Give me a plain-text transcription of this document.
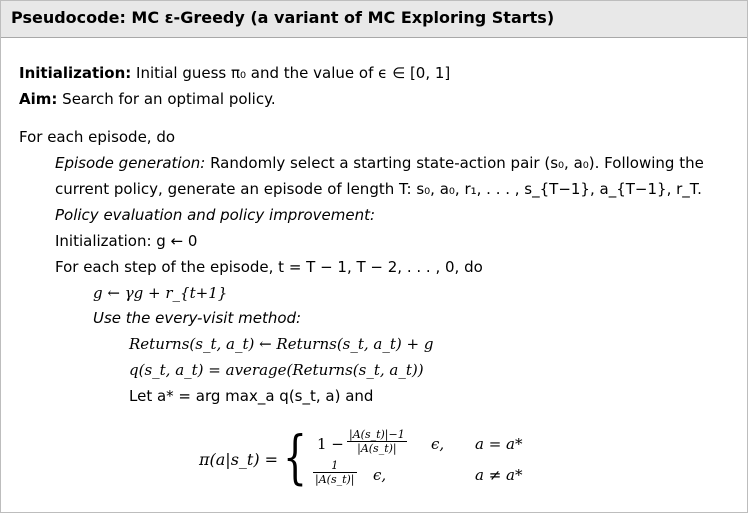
Pseudocode: MC ε-Greedy (a variant of MC Exploring Starts)
Initialization: Initial guess π₀ and the value of ϵ ∈ [0, 1]
Aim: Search for an optimal policy.
For each episode, do
Episode generation: Randomly select a starting state-action pair (s₀, a₀). Following the
current policy, generate an episode of length T: s₀, a₀, r₁, . . . , s_{T−1}, a_{T−1}, r_T.
Policy evaluation and policy improvement:
Initialization: g ← 0
For each step of the episode, t = T − 1, T − 2, . . . , 0, do
g ← γg + r_{t+1}
Use the every-visit method:
Returns(s_t, a_t) ← Returns(s_t, a_t) + g
q(s_t, a_t) = average(Returns(s_t, a_t))
Let a* = arg max_a q(s_t, a) and
π(a|s_t) = { $1 - \frac{|A(s\_t)|-1}{|A(s\_t)|} \epsilon$, a = a*
$\frac{1}{|A(s\_t)|} \epsilon$,	a ≠ a*
